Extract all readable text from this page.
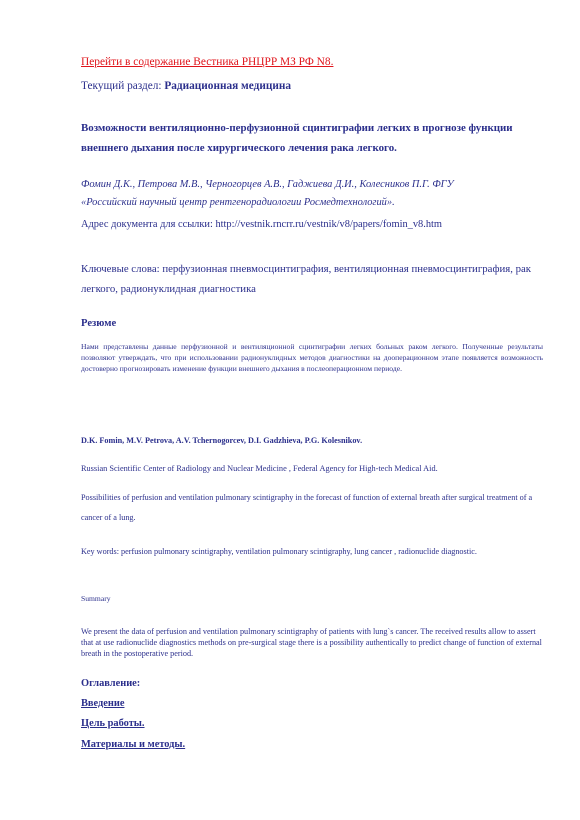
Перейти в содержание Вестника РНЦРР МЗ РФ N8.
Текущий раздел: Радиационная медицина
Возможности вентиляционно-перфузионной сцинтиграфии легких в прогнозе функции внешнего дыхания после хирургического лечения рака легкого.
Фомин Д.К., Петрова М.В., Черногорцев А.В., Гаджиева Д.И., Колесников П.Г. ФГУ
«Российский научный центр рентгенорадиологии Росмедтехнологий».
Адрес документа для ссылки: http://vestnik.rncrr.ru/vestnik/v8/papers/fomin_v8.htm
Ключевые слова: перфузионная пневмосцинтиграфия, вентиляционная пневмосцинтиграфия, рак легкого, радионуклидная диагностика
Резюме
Нами представлены данные перфузионной и вентиляционной сцинтиграфии легких больных раком легкого. Полученные результаты позволяют утверждать, что при использовании радионуклидных методов диагностики на дооперационном этапе появляется возможность достоверно прогнозировать изменение функции внешнего дыхания в послеоперационном периоде.
D.K. Fomin, M.V. Petrova, A.V. Tchernogorcev, D.I. Gadzhieva, P.G. Kolesnikov.
Russian Scientific Center of Radiology and Nuclear Medicine , Federal Agency for High-tech Medical Aid.
Possibilities of perfusion and ventilation pulmonary scintigraphy in the forecast of function of external breath after surgical treatment of a cancer of a lung.
Key words: perfusion pulmonary scintigraphy, ventilation pulmonary scintigraphy, lung cancer , radionuclide diagnostic.
Summary
We present the data of perfusion and ventilation pulmonary scintigraphy of patients with lung`s cancer. The received results allow to assert that at use radionuclide diagnostics methods on pre-surgical stage there is a possibility authentically to predict change of function of external breath in the postoperative period.
Оглавление:
Введение
Цель работы.
Материалы и методы.
